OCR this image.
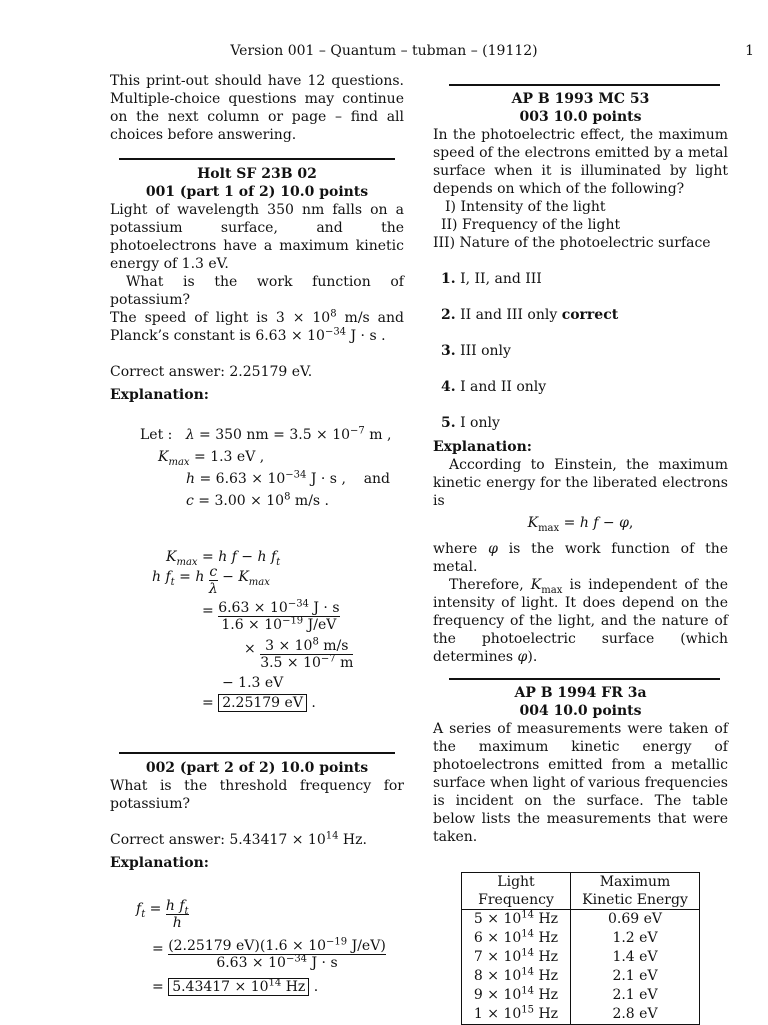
Version 001 – Quantum – tubman – (19112)	1

This print-out should have 12 questions. Multiple-choice questions may continue on the next column or page – find all choices before answering.

Holt SF 23B 02

001 (part 1 of 2) 10.0 points

Light of wavelength 350 nm falls on a potassium surface, and the photoelectrons have a maximum kinetic energy of 1.3 eV.

What is the work function of potassium?

The speed of light is $3 \times 10^8$ m/s and Planck’s constant is $6.63 \times 10^{-34}$ J · s .

Correct answer: 2.25179 eV.

Explanation:

Let :   λ = 350 nm = $3.5 \times 10^{-7}$ m ,
$K_{max} = 1.3$ eV ,
$h = 6.63 \times 10^{-34}$ J · s ,    and
$c = 3.00 \times 10^8$ m/s .
$K_{max} = h$ f − h $f_t$
h $f_t = h \frac{c}{\lambda} - K_{max}$
= $\frac{6.63 \times 10^{-34} J \cdot s}{1.6 \times 10^{-19} J/eV}$
× $\frac{3 \times 10^8 m/s}{3.5 \times 10^{-7} m}$
− 1.3 eV
= 2.25179 eV .

002 (part 2 of 2) 10.0 points

What is the threshold frequency for potassium?

Correct answer: $5.43417 \times 10^{14}$ Hz.

Explanation:

$f_t = \frac{h f_t}{h}$
= $\frac{(2.25179 eV)(1.6 \times 10^{-19} J/eV)}{6.63 \times 10^{-34} J \cdot s}$
= $5.43417 \times 10^{14}$ Hz .

AP B 1993 MC 53

003 10.0 points

In the photoelectric effect, the maximum speed of the electrons emitted by a metal surface when it is illuminated by light depends on which of the following?

I) Intensity of the light
II) Frequency of the light
III) Nature of the photoelectric surface
1. I, II, and III
2. II and III only correct
3. III only
4. I and II only
5. I only

Explanation:

According to Einstein, the maximum kinetic energy for the liberated electrons is

$K_{max} = h$ f − φ,

where φ is the work function of the metal.

Therefore, $K_{max}$ is independent of the intensity of light. It does depend on the frequency of the light, and the nature of the photoelectric surface (which determines φ).

AP B 1994 FR 3a

004 10.0 points

A series of measurements were taken of the maximum kinetic energy of photoelectrons emitted from a metallic surface when light of various frequencies is incident on the surface. The table below lists the measurements that were taken.

Light Frequency	Maximum Kinetic Energy
$5 \times 10^{14}$ Hz	0.69 eV
$6 \times 10^{14}$ Hz	1.2 eV
$7 \times 10^{14}$ Hz	1.4 eV
$8 \times 10^{14}$ Hz	2.1 eV
$9 \times 10^{14}$ Hz	2.1 eV
$1 \times 10^{15}$ Hz	2.8 eV
